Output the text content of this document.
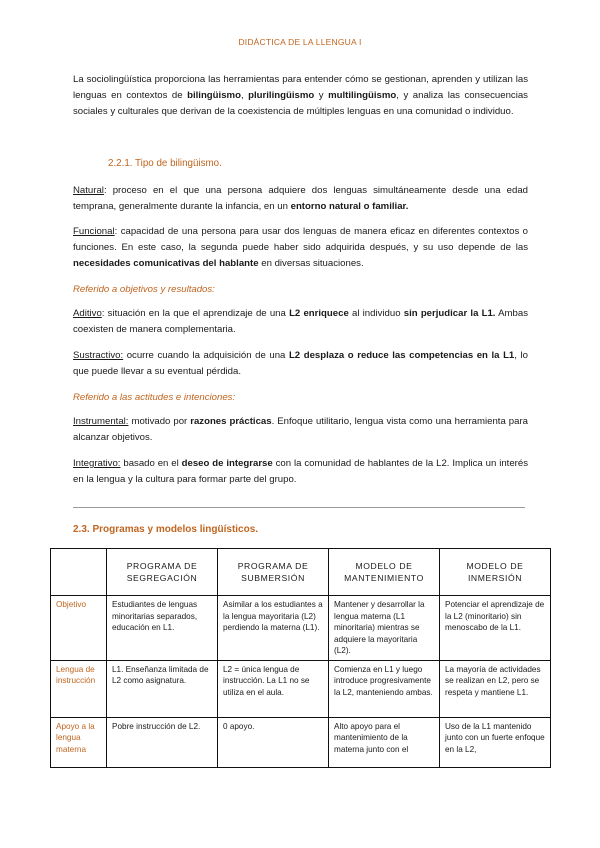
DIDÁCTICA DE LA LLENGUA I

La sociolingüística proporciona las herramientas para entender cómo se gestionan, aprenden y utilizan las lenguas en contextos de bilingüismo, plurilingüismo y multilingüismo, y analiza las consecuencias sociales y culturales que derivan de la coexistencia de múltiples lenguas en una comunidad o individuo.

2.2.1. Tipo de bilingüismo.

Natural: proceso en el que una persona adquiere dos lenguas simultáneamente desde una edad temprana, generalmente durante la infancia, en un entorno natural o familiar.

Funcional: capacidad de una persona para usar dos lenguas de manera eficaz en diferentes contextos o funciones. En este caso, la segunda puede haber sido adquirida después, y su uso depende de las necesidades comunicativas del hablante en diversas situaciones.

Referido a objetivos y resultados:

Aditivo: situación en la que el aprendizaje de una L2 enriquece al individuo sin perjudicar la L1. Ambas coexisten de manera complementaria.

Sustractivo: ocurre cuando la adquisición de una L2 desplaza o reduce las competencias en la L1, lo que puede llevar a su eventual pérdida.

Referido a las actitudes e intenciones:

Instrumental: motivado por razones prácticas. Enfoque utilitario, lengua vista como una herramienta para alcanzar objetivos.

Integrativo: basado en el deseo de integrarse con la comunidad de hablantes de la L2. Implica un interés en la lengua y la cultura para formar parte del grupo.

2.3. Programas y modelos lingüísticos.
	PROGRAMA DE SEGREGACIÓN	PROGRAMA DE SUBMERSIÓN	MODELO DE MANTENIMIENTO	MODELO DE INMERSIÓN
Objetivo	Estudiantes de lenguas minoritarias separados, educación en L1.	Asimilar a los estudiantes a la lengua mayoritaria (L2) perdiendo la materna (L1).	Mantener y desarrollar la lengua materna (L1 minoritaria) mientras se adquiere la mayoritaria (L2).	Potenciar el aprendizaje de la L2 (minoritario) sin menoscabo de la L1.
Lengua de instrucción	L1. Enseñanza limitada de L2 como asignatura.	L2 = única lengua de instrucción. La L1 no se utiliza en el aula.	Comienza en L1 y luego introduce progresivamente la L2, manteniendo ambas.	La mayoría de actividades se realizan en L2, pero se respeta y mantiene L1.
Apoyo a la lengua materna	Pobre instrucción de L2.	0 apoyo.	Alto apoyo para el mantenimiento de la materna junto con el	Uso de la L1 mantenido junto con un fuerte enfoque en la L2,
